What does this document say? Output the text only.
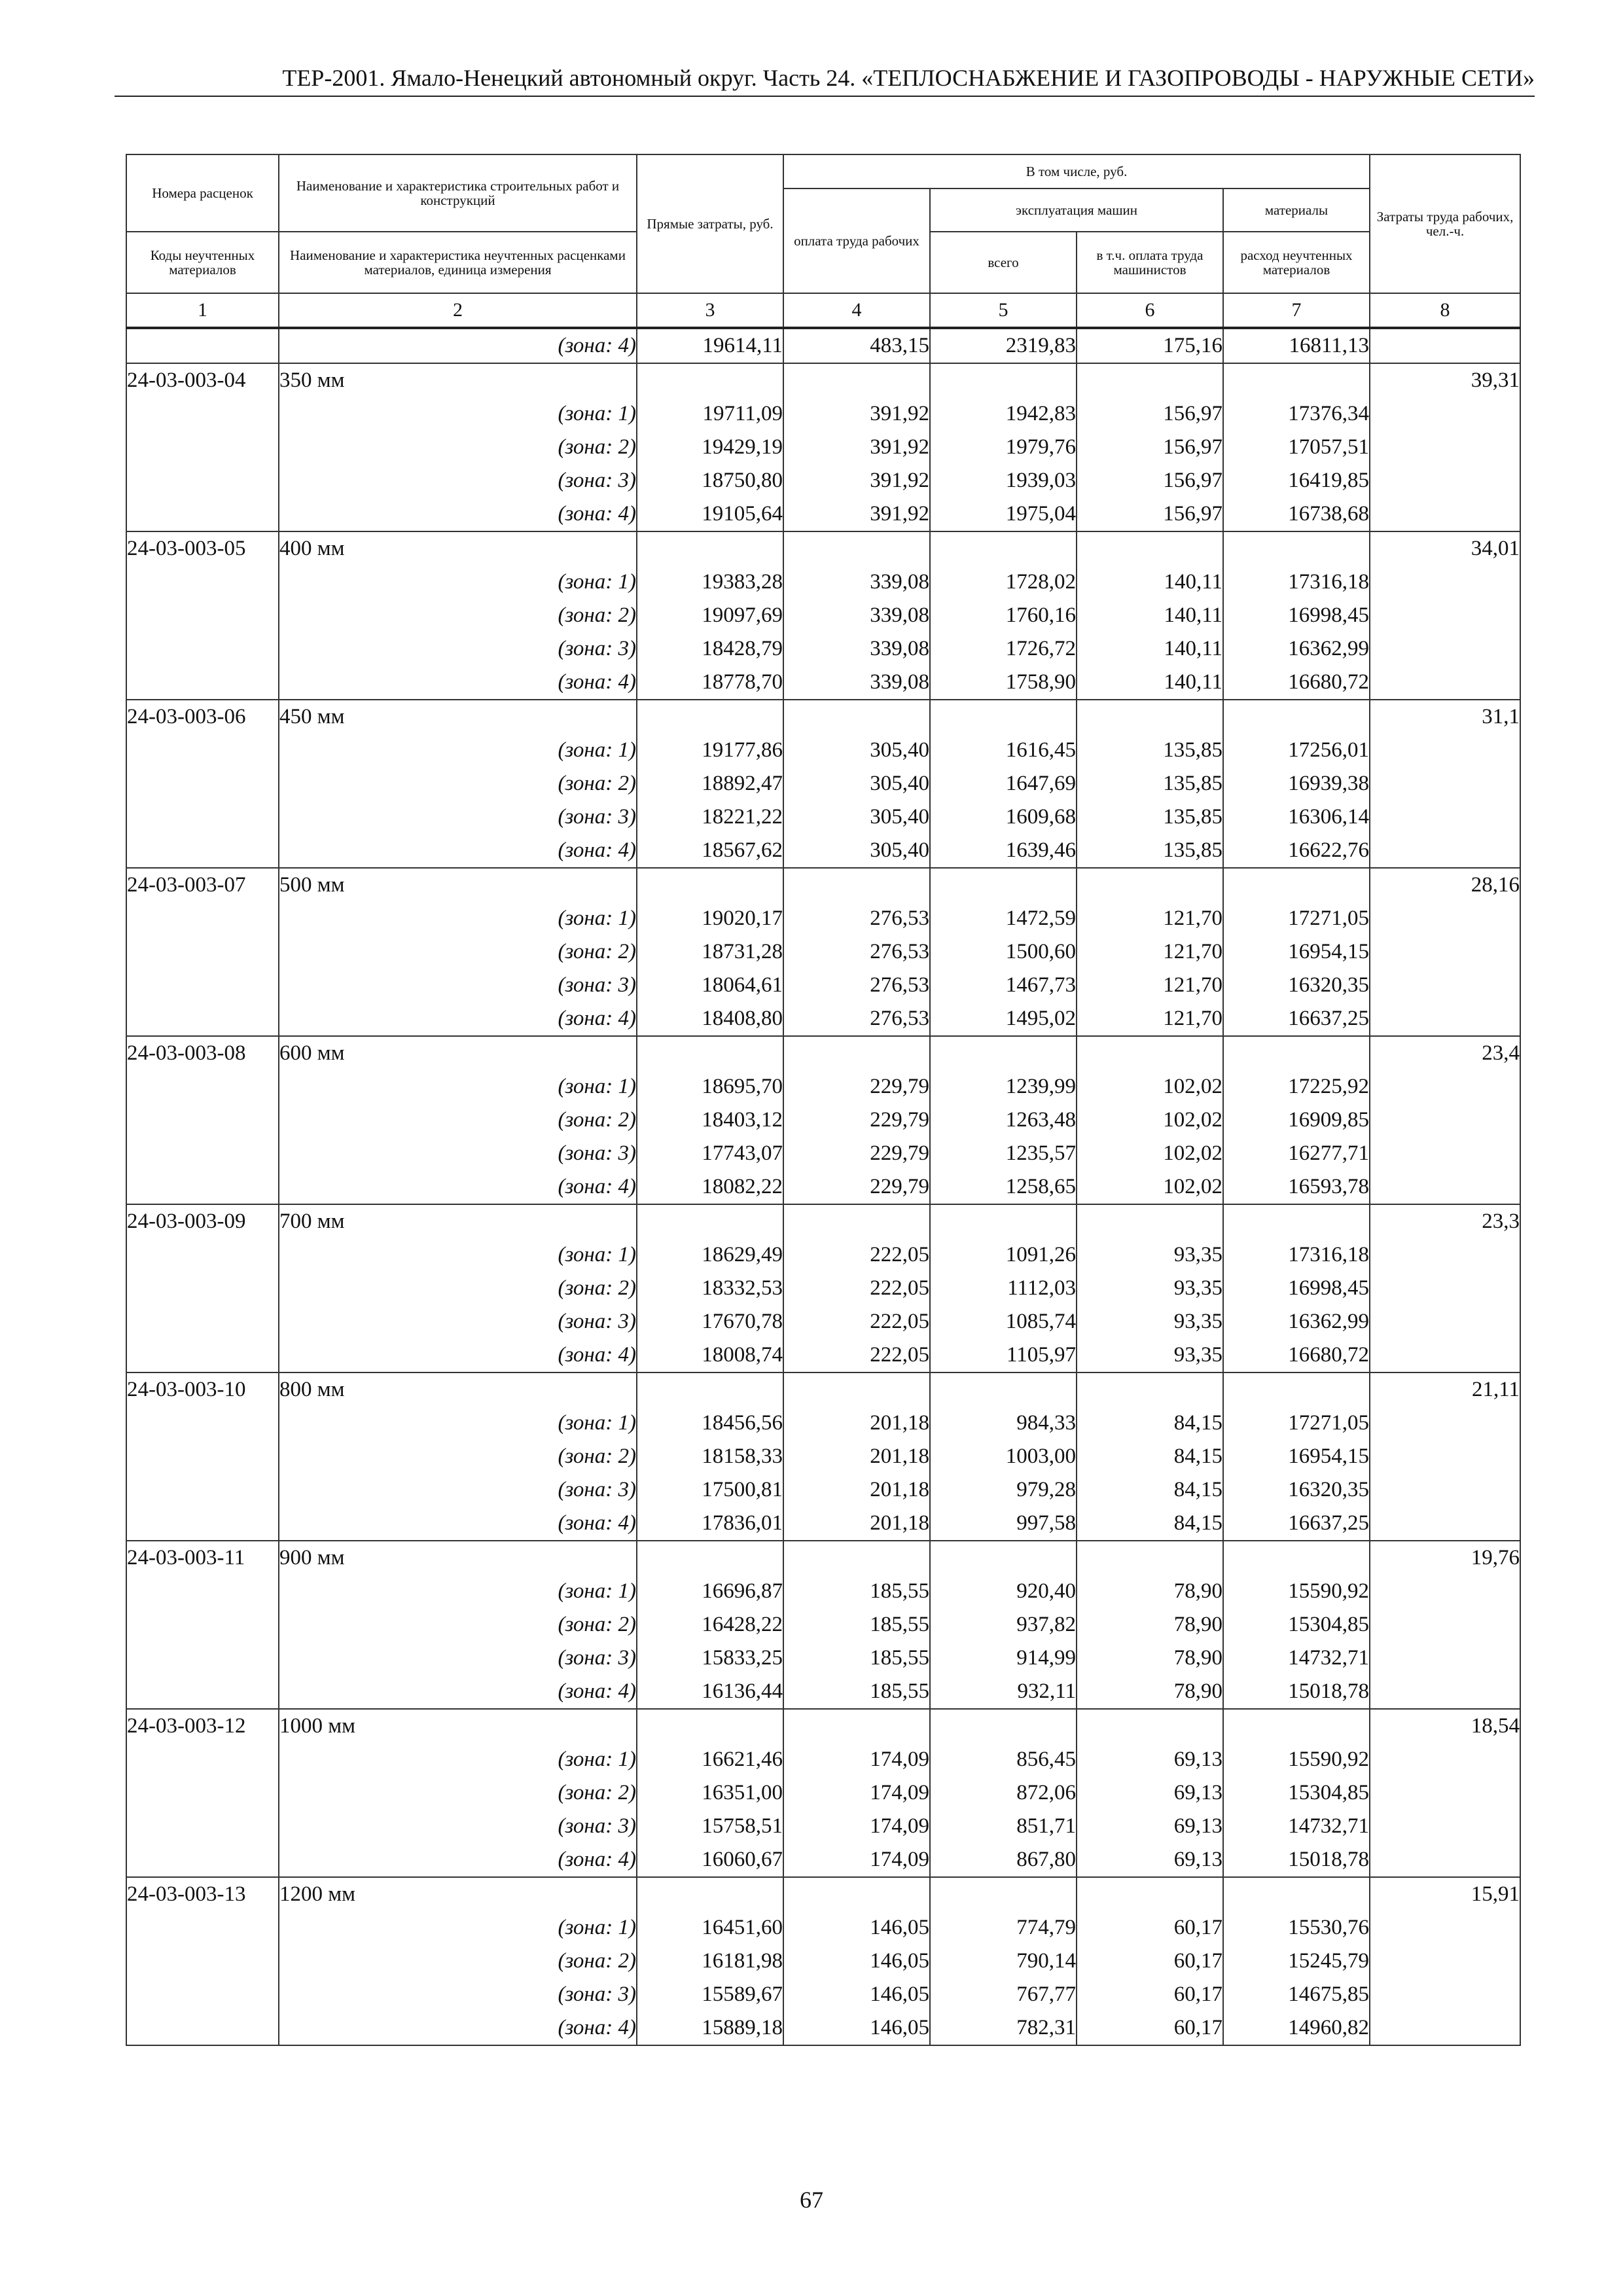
ТЕР-2001. Ямало-Ненецкий автономный округ. Часть 24. «ТЕПЛОСНАБЖЕНИЕ И ГАЗОПРОВОДЫ - НАРУЖНЫЕ СЕТИ»
Номера расценок	Наименование и характеристика строительных работ и конструкций	Прямые затраты, руб.	В том числе, руб.				Затраты труда рабочих, чел.-ч.
			оплата труда рабочих	эксплуатация машин		материалы	
Коды неучтенных материалов	Наименование и характеристика неучтенных расценками материалов, единица измерения			всего	в т.ч. оплата труда машинистов	расход неучтенных материалов	
1	2	3	4	5	6	7	8
	(зона: 4)	19614,11	483,15	2319,83	175,16	16811,13	
24-03-003-04	350 мм						39,31
	(зона: 1)	19711,09	391,92	1942,83	156,97	17376,34	
	(зона: 2)	19429,19	391,92	1979,76	156,97	17057,51	
	(зона: 3)	18750,80	391,92	1939,03	156,97	16419,85	
	(зона: 4)	19105,64	391,92	1975,04	156,97	16738,68	
24-03-003-05	400 мм						34,01
	(зона: 1)	19383,28	339,08	1728,02	140,11	17316,18	
	(зона: 2)	19097,69	339,08	1760,16	140,11	16998,45	
	(зона: 3)	18428,79	339,08	1726,72	140,11	16362,99	
	(зона: 4)	18778,70	339,08	1758,90	140,11	16680,72	
24-03-003-06	450 мм						31,1
	(зона: 1)	19177,86	305,40	1616,45	135,85	17256,01	
	(зона: 2)	18892,47	305,40	1647,69	135,85	16939,38	
	(зона: 3)	18221,22	305,40	1609,68	135,85	16306,14	
	(зона: 4)	18567,62	305,40	1639,46	135,85	16622,76	
24-03-003-07	500 мм						28,16
	(зона: 1)	19020,17	276,53	1472,59	121,70	17271,05	
	(зона: 2)	18731,28	276,53	1500,60	121,70	16954,15	
	(зона: 3)	18064,61	276,53	1467,73	121,70	16320,35	
	(зона: 4)	18408,80	276,53	1495,02	121,70	16637,25	
24-03-003-08	600 мм						23,4
	(зона: 1)	18695,70	229,79	1239,99	102,02	17225,92	
	(зона: 2)	18403,12	229,79	1263,48	102,02	16909,85	
	(зона: 3)	17743,07	229,79	1235,57	102,02	16277,71	
	(зона: 4)	18082,22	229,79	1258,65	102,02	16593,78	
24-03-003-09	700 мм						23,3
	(зона: 1)	18629,49	222,05	1091,26	93,35	17316,18	
	(зона: 2)	18332,53	222,05	1112,03	93,35	16998,45	
	(зона: 3)	17670,78	222,05	1085,74	93,35	16362,99	
	(зона: 4)	18008,74	222,05	1105,97	93,35	16680,72	
24-03-003-10	800 мм						21,11
	(зона: 1)	18456,56	201,18	984,33	84,15	17271,05	
	(зона: 2)	18158,33	201,18	1003,00	84,15	16954,15	
	(зона: 3)	17500,81	201,18	979,28	84,15	16320,35	
	(зона: 4)	17836,01	201,18	997,58	84,15	16637,25	
24-03-003-11	900 мм						19,76
	(зона: 1)	16696,87	185,55	920,40	78,90	15590,92	
	(зона: 2)	16428,22	185,55	937,82	78,90	15304,85	
	(зона: 3)	15833,25	185,55	914,99	78,90	14732,71	
	(зона: 4)	16136,44	185,55	932,11	78,90	15018,78	
24-03-003-12	1000 мм						18,54
	(зона: 1)	16621,46	174,09	856,45	69,13	15590,92	
	(зона: 2)	16351,00	174,09	872,06	69,13	15304,85	
	(зона: 3)	15758,51	174,09	851,71	69,13	14732,71	
	(зона: 4)	16060,67	174,09	867,80	69,13	15018,78	
24-03-003-13	1200 мм						15,91
	(зона: 1)	16451,60	146,05	774,79	60,17	15530,76	
	(зона: 2)	16181,98	146,05	790,14	60,17	15245,79	
	(зона: 3)	15589,67	146,05	767,77	60,17	14675,85	
	(зона: 4)	15889,18	146,05	782,31	60,17	14960,82	
67
